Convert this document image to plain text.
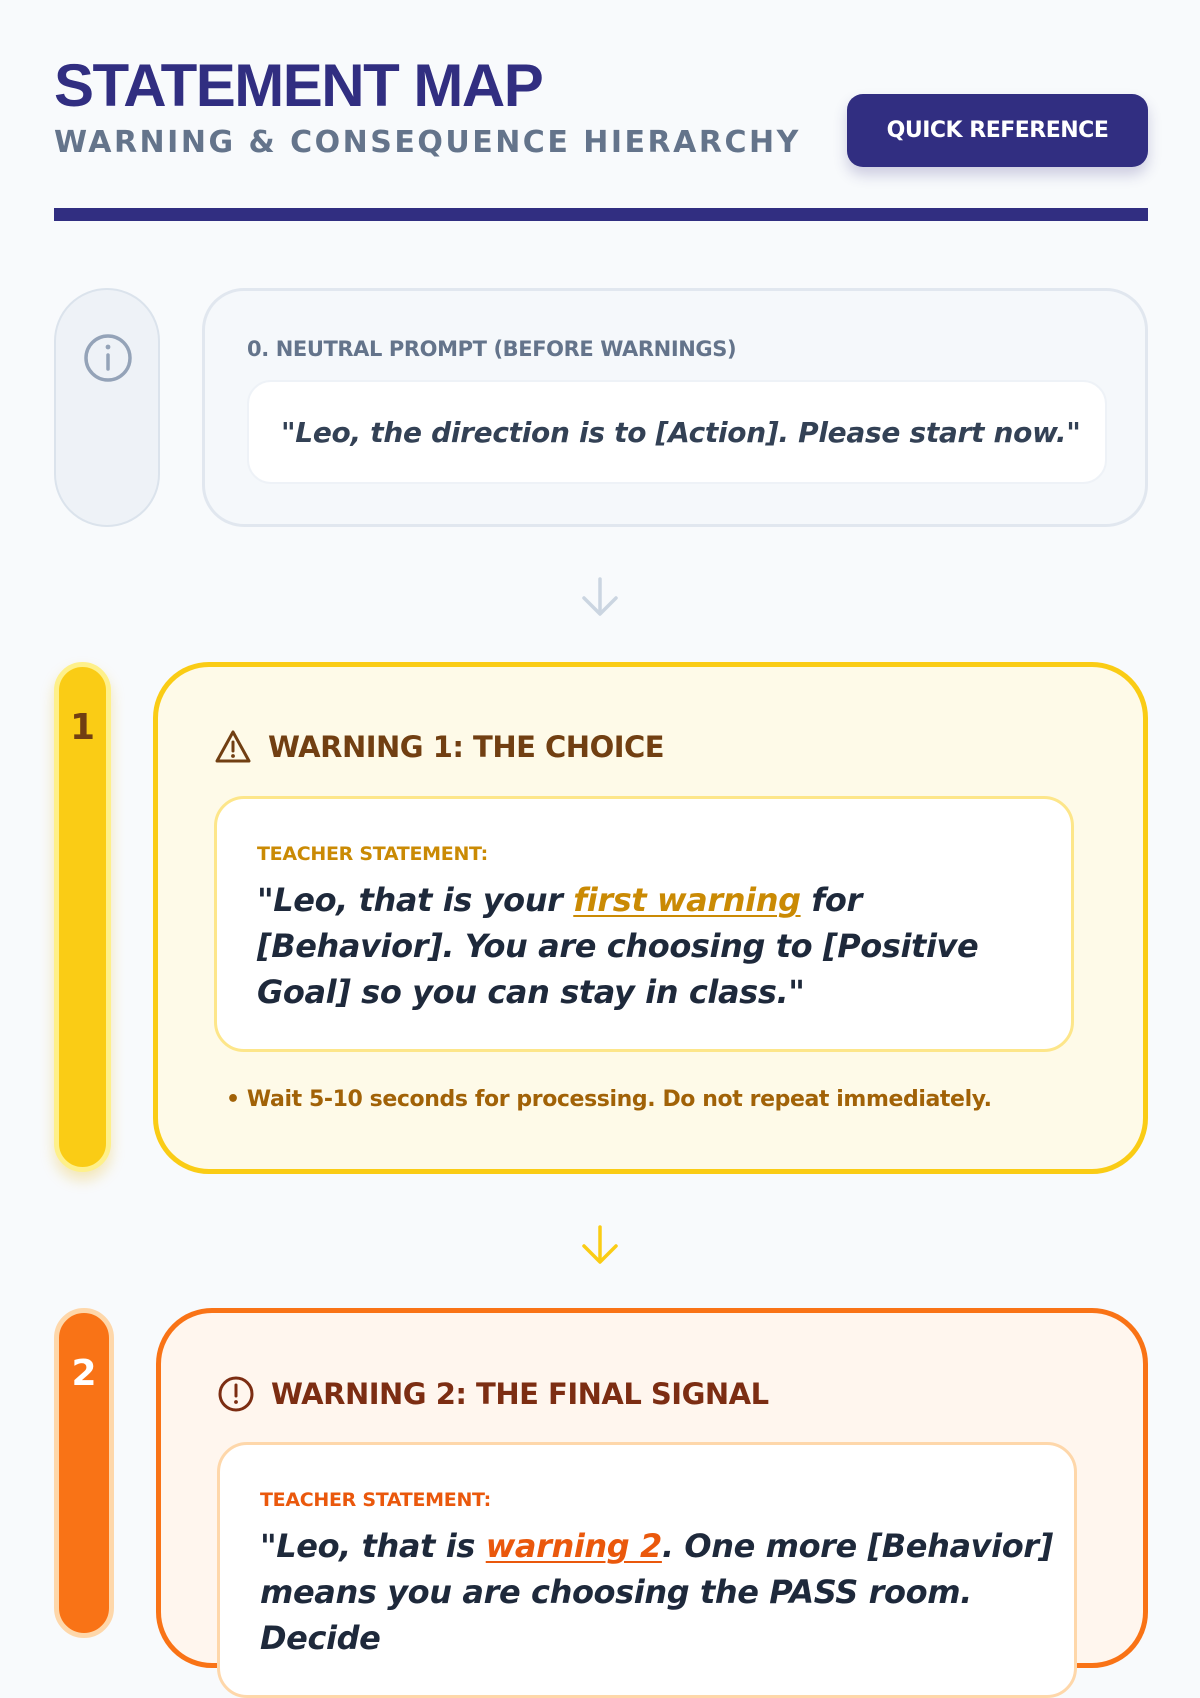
STATEMENT MAP
WARNING & CONSEQUENCE HIERARCHY	QUICK REFERENCE
0. NEUTRAL PROMPT (BEFORE WARNINGS)
"Leo, the direction is to [Action]. Please start now."
1	WARNING 1: THE CHOICE
TEACHER STATEMENT:
"Leo, that is your first warning for [Behavior]. You are choosing to [Positive Goal] so you can stay in class."
• Wait 5-10 seconds for processing. Do not repeat immediately.
2	WARNING 2: THE FINAL SIGNAL
TEACHER STATEMENT:
"Leo, that is warning 2. One more [Behavior] means you are choosing the PASS room. Decide
